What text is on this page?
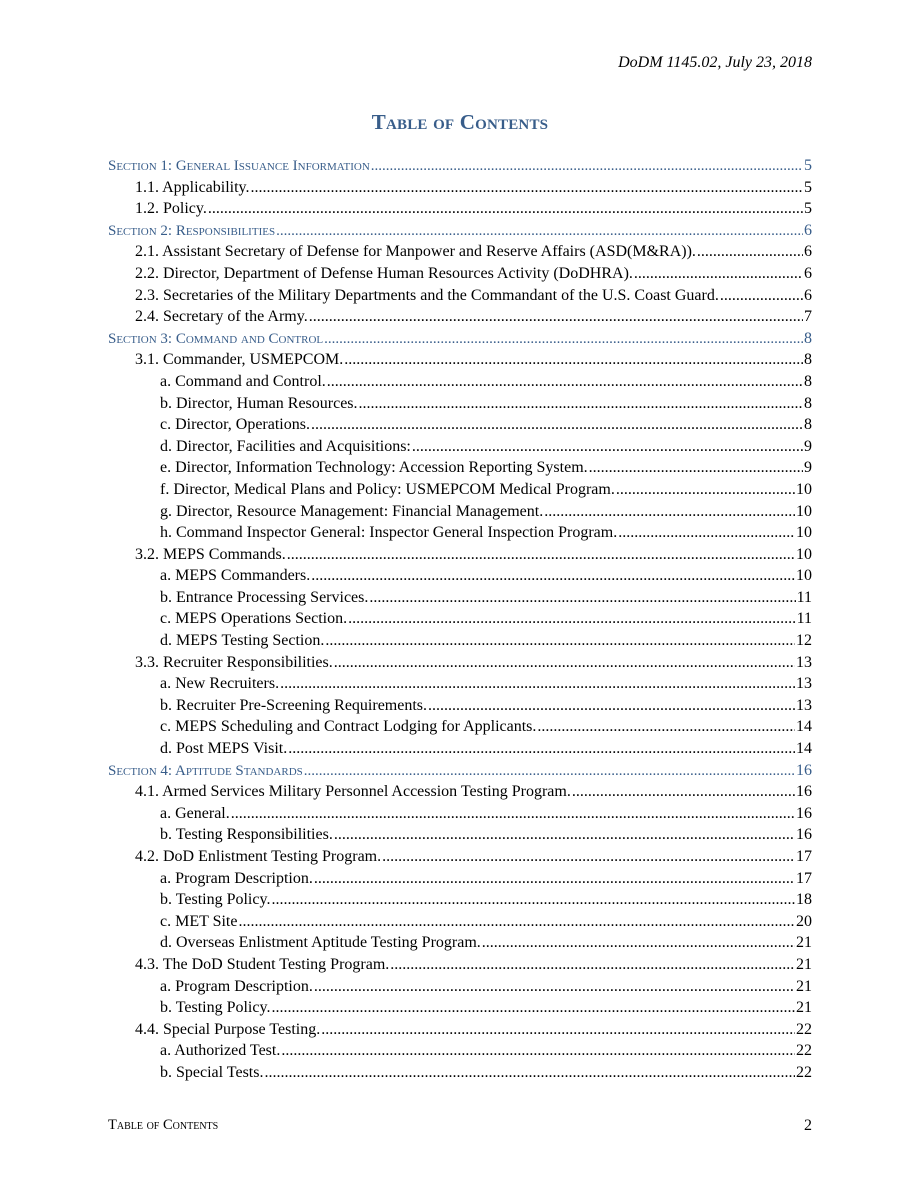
DoDM 1145.02, July 23, 2018
Table of Contents
Section 1: General Issuance Information .....	5
1.1. Applicability. .....	5
1.2. Policy. .....	5
Section 2: Responsibilities .....	6
2.1. Assistant Secretary of Defense for Manpower and Reserve Affairs (ASD(M&RA)). .....	6
2.2. Director, Department of Defense Human Resources Activity (DoDHRA). .....	6
2.3. Secretaries of the Military Departments and the Commandant of the U.S. Coast Guard. .....	6
2.4. Secretary of the Army. .....	7
Section 3: Command and Control .....	8
3.1. Commander, USMEPCOM. .....	8
a. Command and Control. .....	8
b. Director, Human Resources. .....	8
c. Director, Operations. .....	8
d. Director, Facilities and Acquisitions: .....	9
e. Director, Information Technology: Accession Reporting System. .....	9
f. Director, Medical Plans and Policy: USMEPCOM Medical Program. .....	10
g. Director, Resource Management: Financial Management. .....	10
h. Command Inspector General: Inspector General Inspection Program. .....	10
3.2. MEPS Commands. .....	10
a. MEPS Commanders. .....	10
b. Entrance Processing Services. .....	11
c. MEPS Operations Section. .....	11
d. MEPS Testing Section. .....	12
3.3. Recruiter Responsibilities. .....	13
a. New Recruiters. .....	13
b. Recruiter Pre-Screening Requirements. .....	13
c. MEPS Scheduling and Contract Lodging for Applicants. .....	14
d. Post MEPS Visit. .....	14
Section 4: Aptitude Standards .....	16
4.1. Armed Services Military Personnel Accession Testing Program. .....	16
a. General. .....	16
b. Testing Responsibilities. .....	16
4.2. DoD Enlistment Testing Program. .....	17
a. Program Description. .....	17
b. Testing Policy. .....	18
c. MET Site .....	20
d. Overseas Enlistment Aptitude Testing Program. .....	21
4.3. The DoD Student Testing Program. .....	21
a. Program Description. .....	21
b. Testing Policy. .....	21
4.4. Special Purpose Testing. .....	22
a. Authorized Test. .....	22
b. Special Tests. .....	22
Table of Contents	2
